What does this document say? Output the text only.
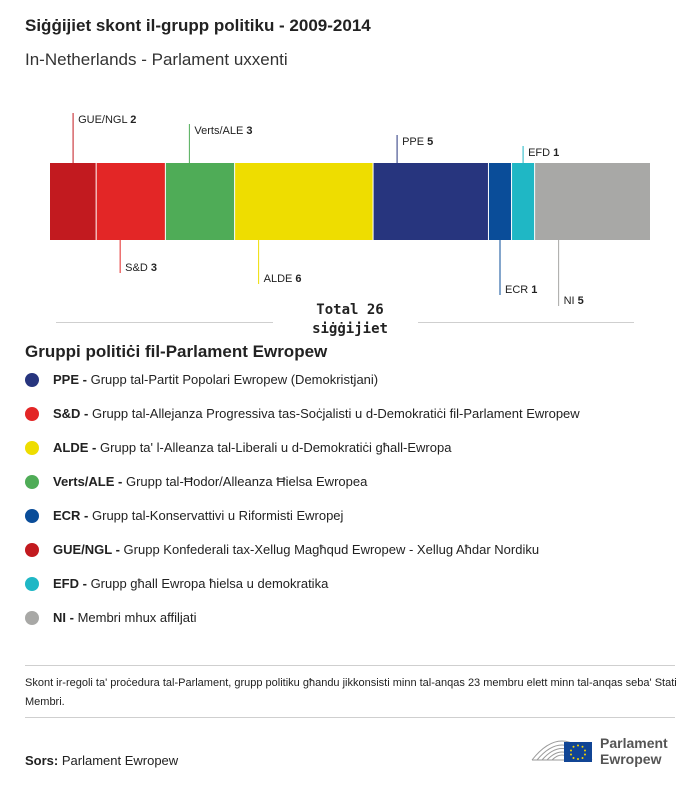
Siġġijiet skont il-grupp politiku - 2009-2014
In-Netherlands - Parlament uxxenti
GUE/NGL 2
S&D 3
Verts/ALE 3
ALDE 6
PPE 5
ECR 1
EFD 1
NI 5
Total 26
siġġijiet
Gruppi politiċi fil-Parlament Ewropew
PPE - Grupp tal-Partit Popolari Ewropew (Demokristjani)
S&D - Grupp tal-Allejanza Progressiva tas-Soċjalisti u d-Demokratiċi fil-Parlament Ewropew
ALDE - Grupp ta' l-Alleanza tal-Liberali u d-Demokratiċi għall-Ewropa
Verts/ALE - Grupp tal-Ħodor/Alleanza Ħielsa Ewropea
ECR - Grupp tal-Konservattivi u Riformisti Ewropej
GUE/NGL - Grupp Konfederali tax-Xellug Magħqud Ewropew - Xellug Aħdar Nordiku
EFD - Grupp għall Ewropa ħielsa u demokratika
NI - Membri mhux affiljati
Skont ir-regoli ta' proċedura tal-Parlament, grupp politiku għandu jikkonsisti minn tal-anqas 23 membru elett minn tal-anqas seba' Stati Membri.
Sors: Parlament Ewropew
Parlament
Ewropew
